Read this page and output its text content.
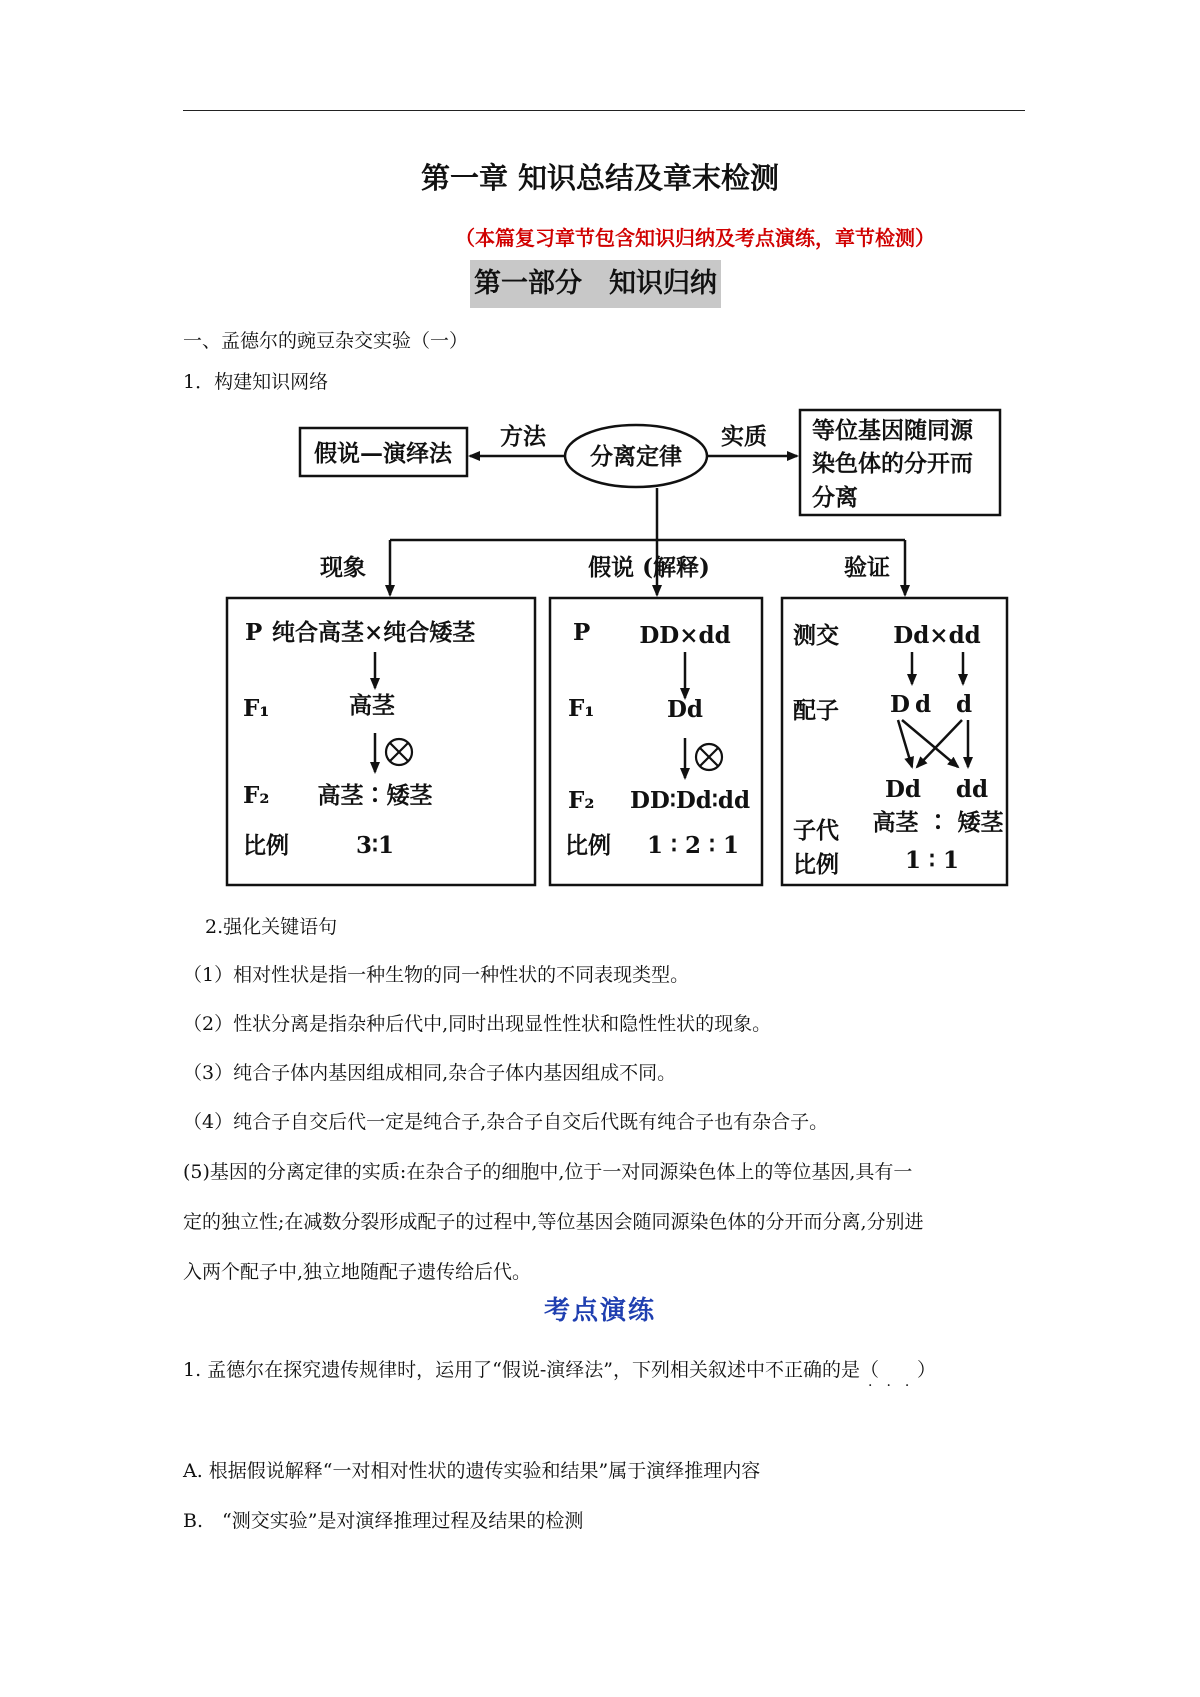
第一章 知识总结及章末检测
（本篇复习章节包含知识归纳及考点演练，章节检测）
第一部分　知识归纳
一、孟德尔的豌豆杂交实验（一）
1．构建知识网络
假说—演绎法
方法
分离定律
实质 等位基因随同源
染色体的分开而
分离
现象	假说 (解释)	验证
P 纯合高茎×纯合矮茎
F₁	高茎
F₂ 高茎∶矮茎
比例	3∶1
P DD×dd
F₁	Dd
F₂ DD∶Dd∶dd
比例 1 ∶ 2 ∶ 1
测交 Dd×dd
配子 D d d
Dd dd
子代
比例
高茎 ∶ 矮茎
1 ∶ 1
2.强化关键语句
（1）相对性状是指一种生物的同一种性状的不同表现类型。
（2）性状分离是指杂种后代中,同时出现显性性状和隐性性状的现象。
（3）纯合子体内基因组成相同,杂合子体内基因组成不同。
（4）纯合子自交后代一定是纯合子,杂合子自交后代既有纯合子也有杂合子。
(5)基因的分离定律的实质:在杂合子的细胞中,位于一对同源染色体上的等位基因,具有一
定的独立性;在减数分裂形成配子的过程中,等位基因会随同源染色体的分开而分离,分别进
入两个配子中,独立地随配子遗传给后代。
考点演练
1. 孟德尔在探究遗传规律时，运用了“假说-演绎法”，下列相关叙述中不正确的是（　　）
···
A. 根据假说解释“一对相对性状的遗传实验和结果”属于演绎推理内容
B.　“测交实验”是对演绎推理过程及结果的检测
